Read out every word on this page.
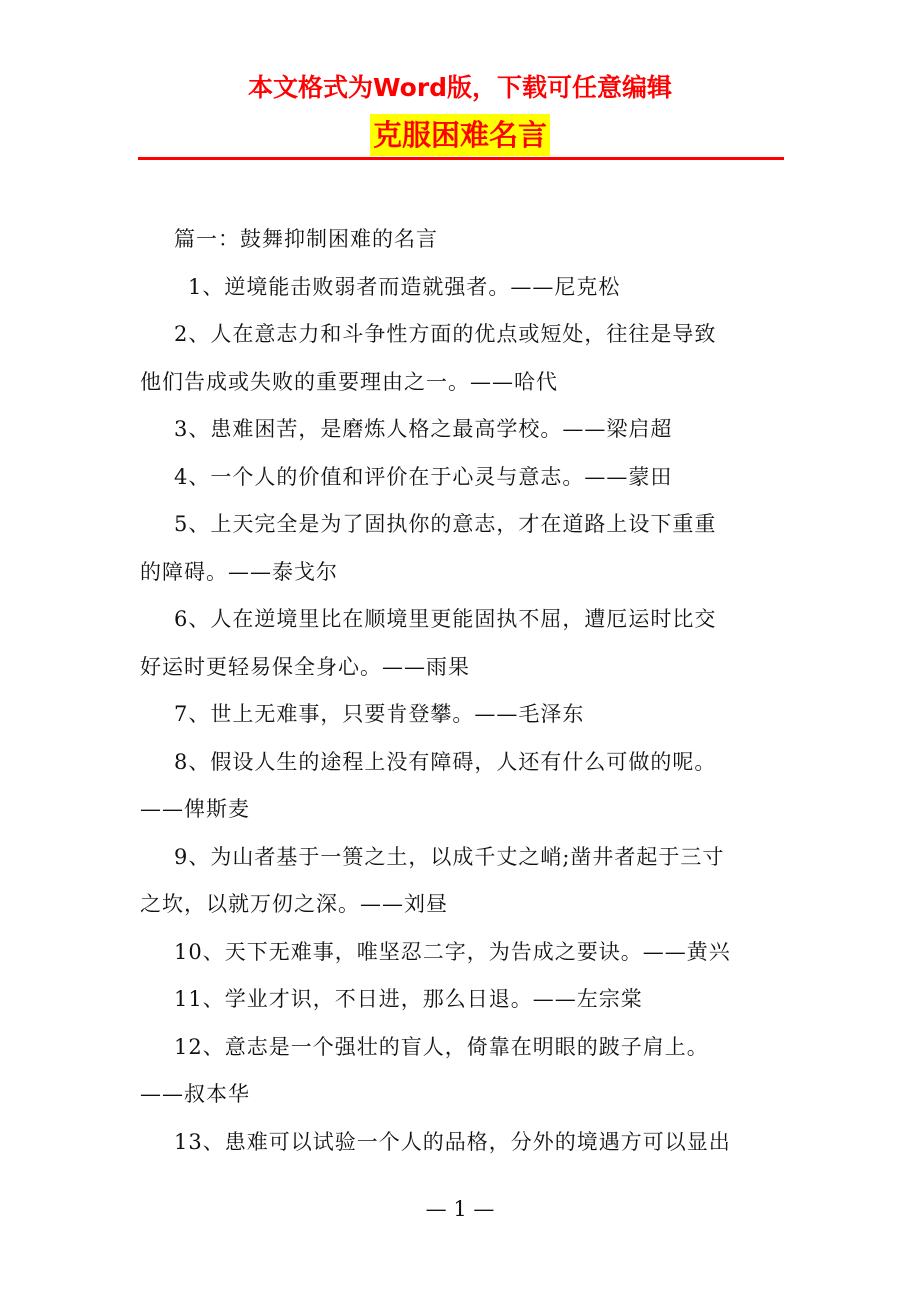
本文格式为Word版，下载可任意编辑
克服困难名言
篇一：鼓舞抑制困难的名言
1、逆境能击败弱者而造就强者。——尼克松
2、人在意志力和斗争性方面的优点或短处，往往是导致
他们告成或失败的重要理由之一。——哈代
3、患难困苦，是磨炼人格之最高学校。——梁启超
4、一个人的价值和评价在于心灵与意志。——蒙田
5、上天完全是为了固执你的意志，才在道路上设下重重
的障碍。——泰戈尔
6、人在逆境里比在顺境里更能固执不屈，遭厄运时比交
好运时更轻易保全身心。——雨果
7、世上无难事，只要肯登攀。——毛泽东
8、假设人生的途程上没有障碍，人还有什么可做的呢。
——俾斯麦
9、为山者基于一篑之土，以成千丈之峭;凿井者起于三寸
之坎，以就万仞之深。——刘昼
10、天下无难事，唯坚忍二字，为告成之要诀。——黄兴
11、学业才识，不日进，那么日退。——左宗棠
12、意志是一个强壮的盲人，倚靠在明眼的跛子肩上。
——叔本华
13、患难可以试验一个人的品格，分外的境遇方可以显出
— 1 —
